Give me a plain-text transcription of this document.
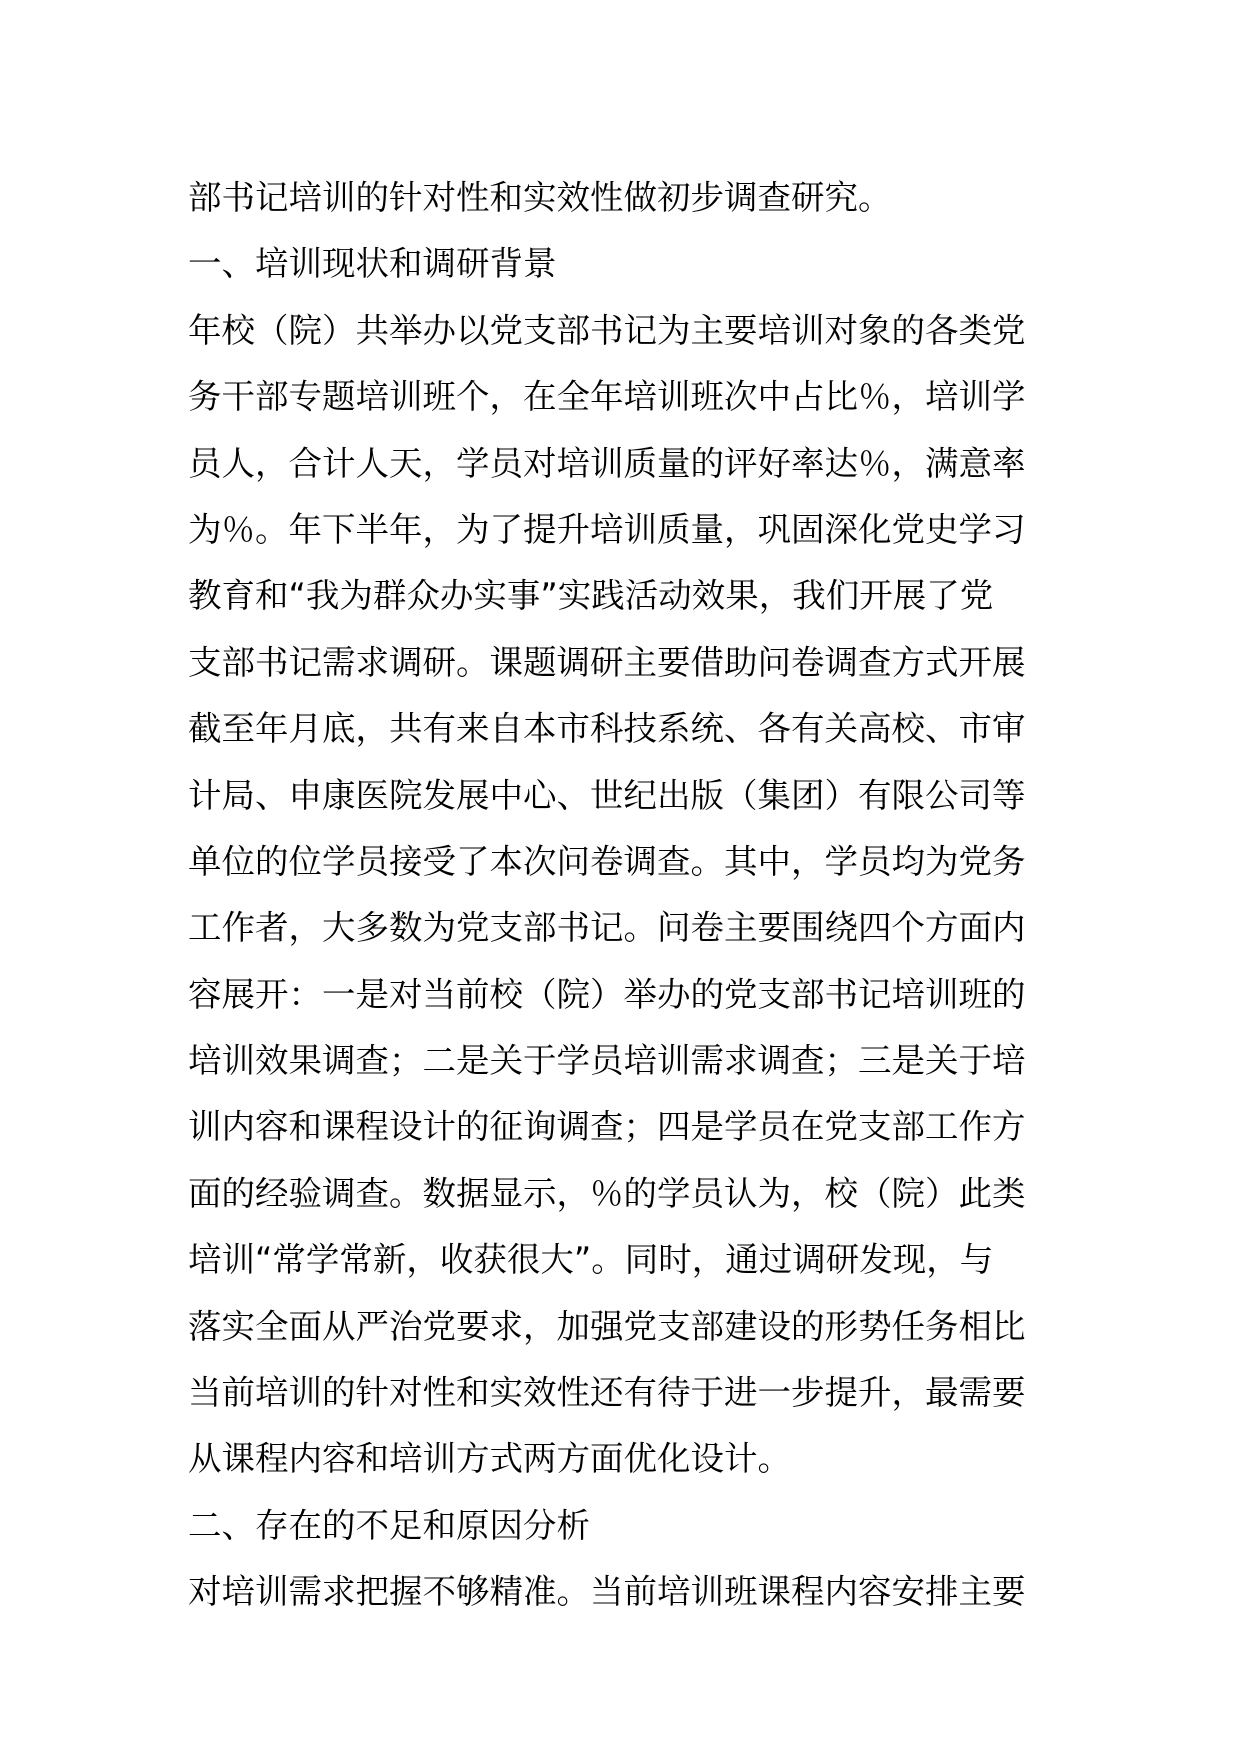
部书记培训的针对性和实效性做初步调查研究。
一、培训现状和调研背景
年校（院）共举办以党支部书记为主要培训对象的各类党
务干部专题培训班个，在全年培训班次中占比％，培训学
员人，合计人天，学员对培训质量的评好率达％，满意率
为％。年下半年，为了提升培训质量，巩固深化党史学习
教育和“我为群众办实事”实践活动效果，我们开展了党
支部书记需求调研。课题调研主要借助问卷调查方式开展
截至年月底，共有来自本市科技系统、各有关高校、市审
计局、申康医院发展中心、世纪出版（集团）有限公司等
单位的位学员接受了本次问卷调查。其中，学员均为党务
工作者，大多数为党支部书记。问卷主要围绕四个方面内
容展开：一是对当前校（院）举办的党支部书记培训班的
培训效果调查；二是关于学员培训需求调查；三是关于培
训内容和课程设计的征询调查；四是学员在党支部工作方
面的经验调查。数据显示，％的学员认为，校（院）此类
培训“常学常新，收获很大”。同时，通过调研发现，与
落实全面从严治党要求，加强党支部建设的形势任务相比
当前培训的针对性和实效性还有待于进一步提升，最需要
从课程内容和培训方式两方面优化设计。
二、存在的不足和原因分析
对培训需求把握不够精准。当前培训班课程内容安排主要
